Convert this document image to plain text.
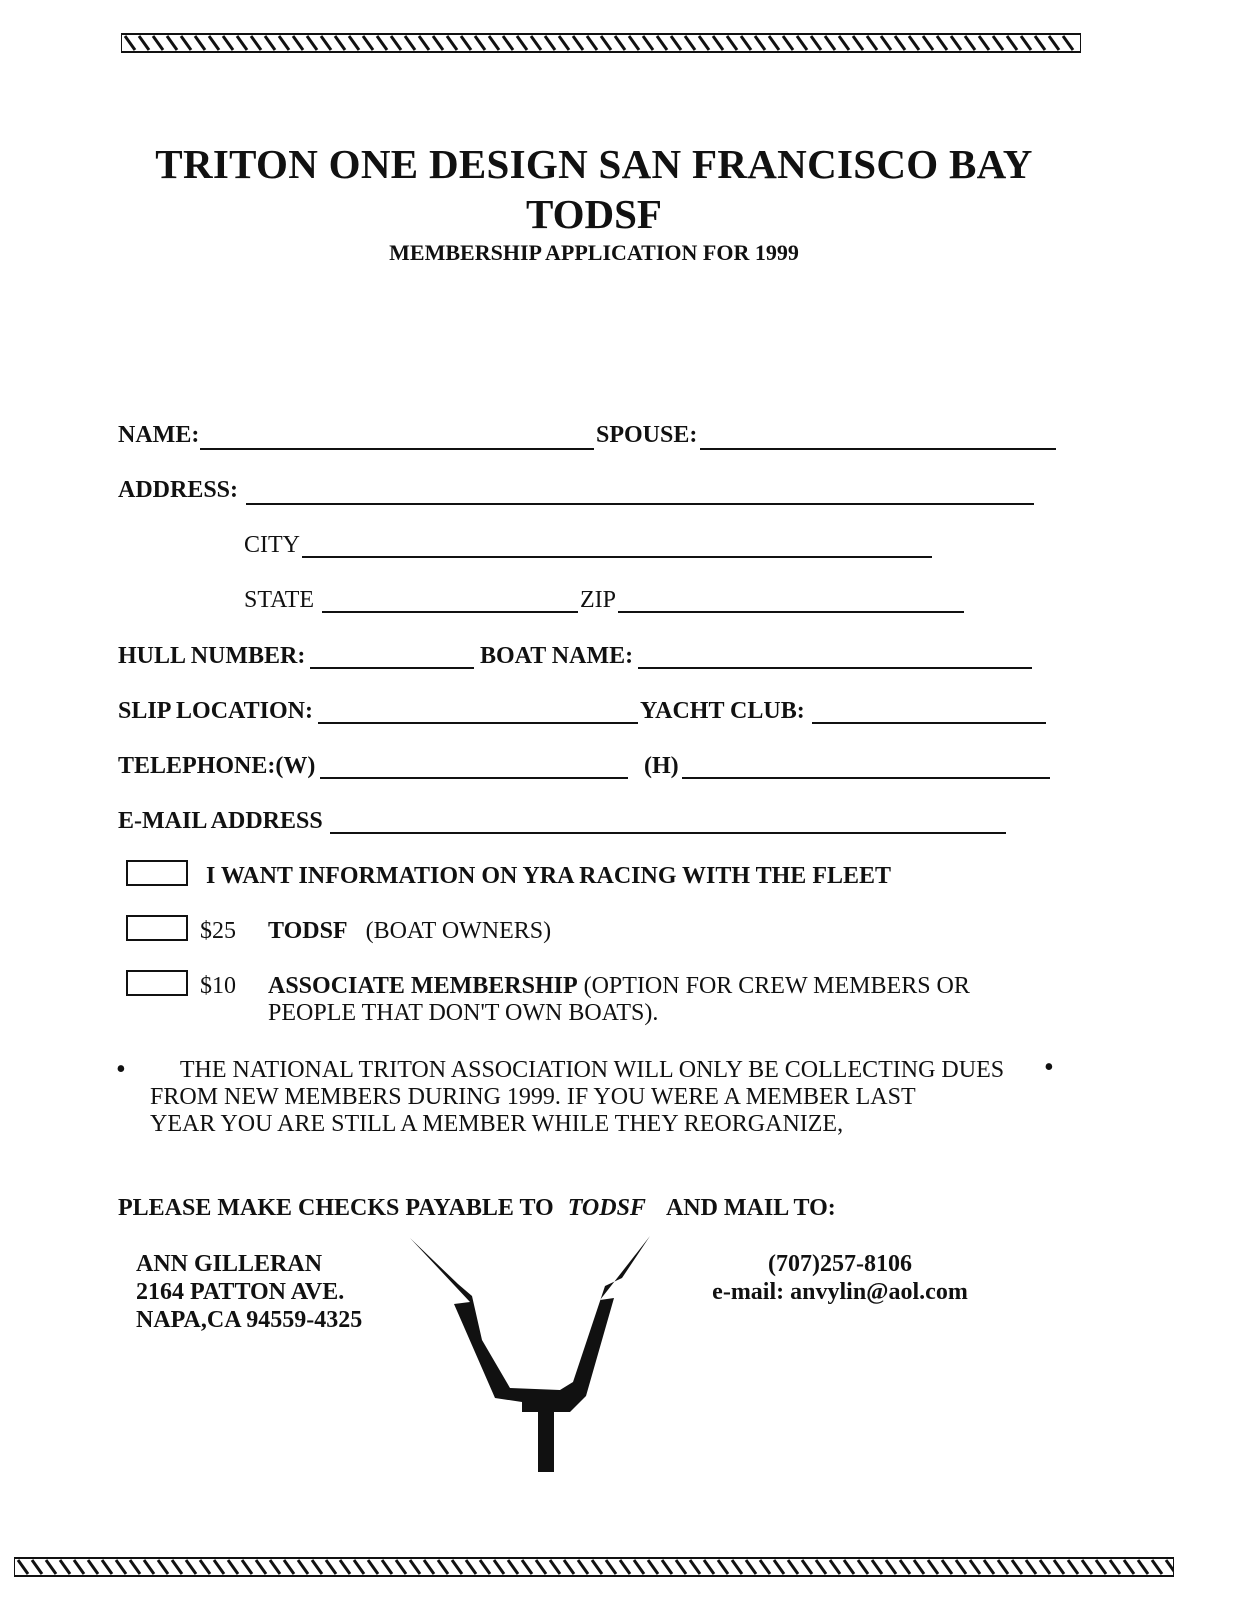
TRITON ONE DESIGN SAN FRANCISCO BAY
TODSF
MEMBERSHIP APPLICATION FOR 1999
NAME:	SPOUSE:
ADDRESS:
CITY
STATE	ZIP
HULL NUMBER:	BOAT NAME:
SLIP LOCATION:	YACHT CLUB:
TELEPHONE:(W)	(H)
E-MAIL ADDRESS
I WANT INFORMATION ON YRA RACING WITH THE FLEET
$25 TODSF (BOAT OWNERS)
$10 ASSOCIATE MEMBERSHIP (OPTION FOR CREW MEMBERS OR
PEOPLE THAT DON'T OWN BOATS).
•	•
THE NATIONAL TRITON ASSOCIATION WILL ONLY BE COLLECTING DUES
FROM NEW MEMBERS DURING 1999. IF YOU WERE A MEMBER LAST
YEAR YOU ARE STILL A MEMBER WHILE THEY REORGANIZE,
PLEASE MAKE CHECKS PAYABLE TO TODSF AND MAIL TO:
ANN GILLERAN
2164 PATTON AVE.
NAPA,CA 94559-4325
(707)257-8106
e-mail: anvylin@aol.com
